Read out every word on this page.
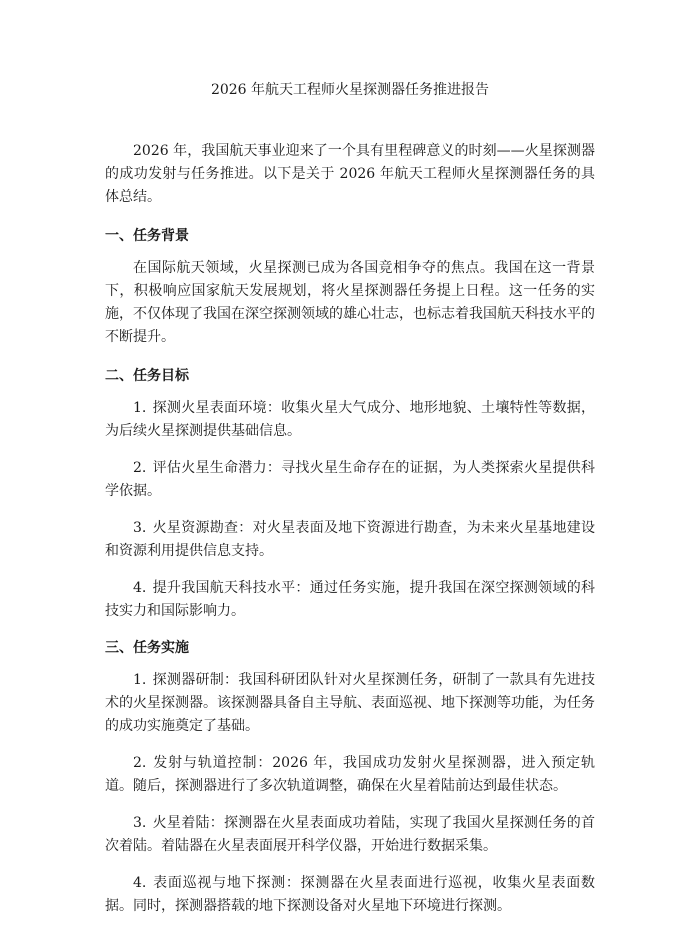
2026 年航天工程师火星探测器任务推进报告

2026 年，我国航天事业迎来了一个具有里程碑意义的时刻——火星探测器的成功发射与任务推进。以下是关于 2026 年航天工程师火星探测器任务的具体总结。

一、任务背景

在国际航天领域，火星探测已成为各国竞相争夺的焦点。我国在这一背景下，积极响应国家航天发展规划，将火星探测器任务提上日程。这一任务的实施，不仅体现了我国在深空探测领域的雄心壮志，也标志着我国航天科技水平的不断提升。

二、任务目标

1. 探测火星表面环境：收集火星大气成分、地形地貌、土壤特性等数据，为后续火星探测提供基础信息。

2. 评估火星生命潜力：寻找火星生命存在的证据，为人类探索火星提供科学依据。

3. 火星资源勘查：对火星表面及地下资源进行勘查，为未来火星基地建设和资源利用提供信息支持。

4. 提升我国航天科技水平：通过任务实施，提升我国在深空探测领域的科技实力和国际影响力。

三、任务实施

1. 探测器研制：我国科研团队针对火星探测任务，研制了一款具有先进技术的火星探测器。该探测器具备自主导航、表面巡视、地下探测等功能，为任务的成功实施奠定了基础。

2. 发射与轨道控制：2026 年，我国成功发射火星探测器，进入预定轨道。随后，探测器进行了多次轨道调整，确保在火星着陆前达到最佳状态。

3. 火星着陆：探测器在火星表面成功着陆，实现了我国火星探测任务的首次着陆。着陆器在火星表面展开科学仪器，开始进行数据采集。

4. 表面巡视与地下探测：探测器在火星表面进行巡视，收集火星表面数据。同时，探测器搭载的地下探测设备对火星地下环境进行探测。
